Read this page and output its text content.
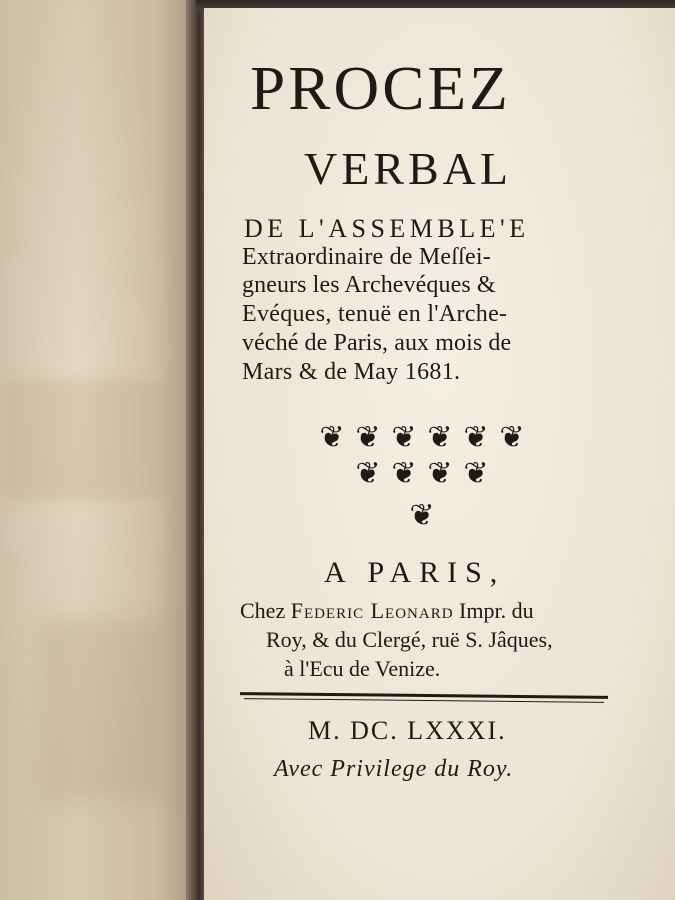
PROCEZ
VERBAL
DE L'ASSEMBLE'E
Extraordinaire de Meſſei-
gneurs les Archevéques &
Evéques, tenuë en l'Arche-
véché de Paris, aux mois de
Mars & de May 1681.
❦ ❦ ❦ ❦ ❦ ❦
❦ ❦ ❦ ❦
❦
A PARIS,
Chez Federic Leonard Impr. du
Roy, & du Clergé, ruë S. Jâques,
à l'Ecu de Venize.
M. DC. LXXXI.
Avec Privilege du Roy.
